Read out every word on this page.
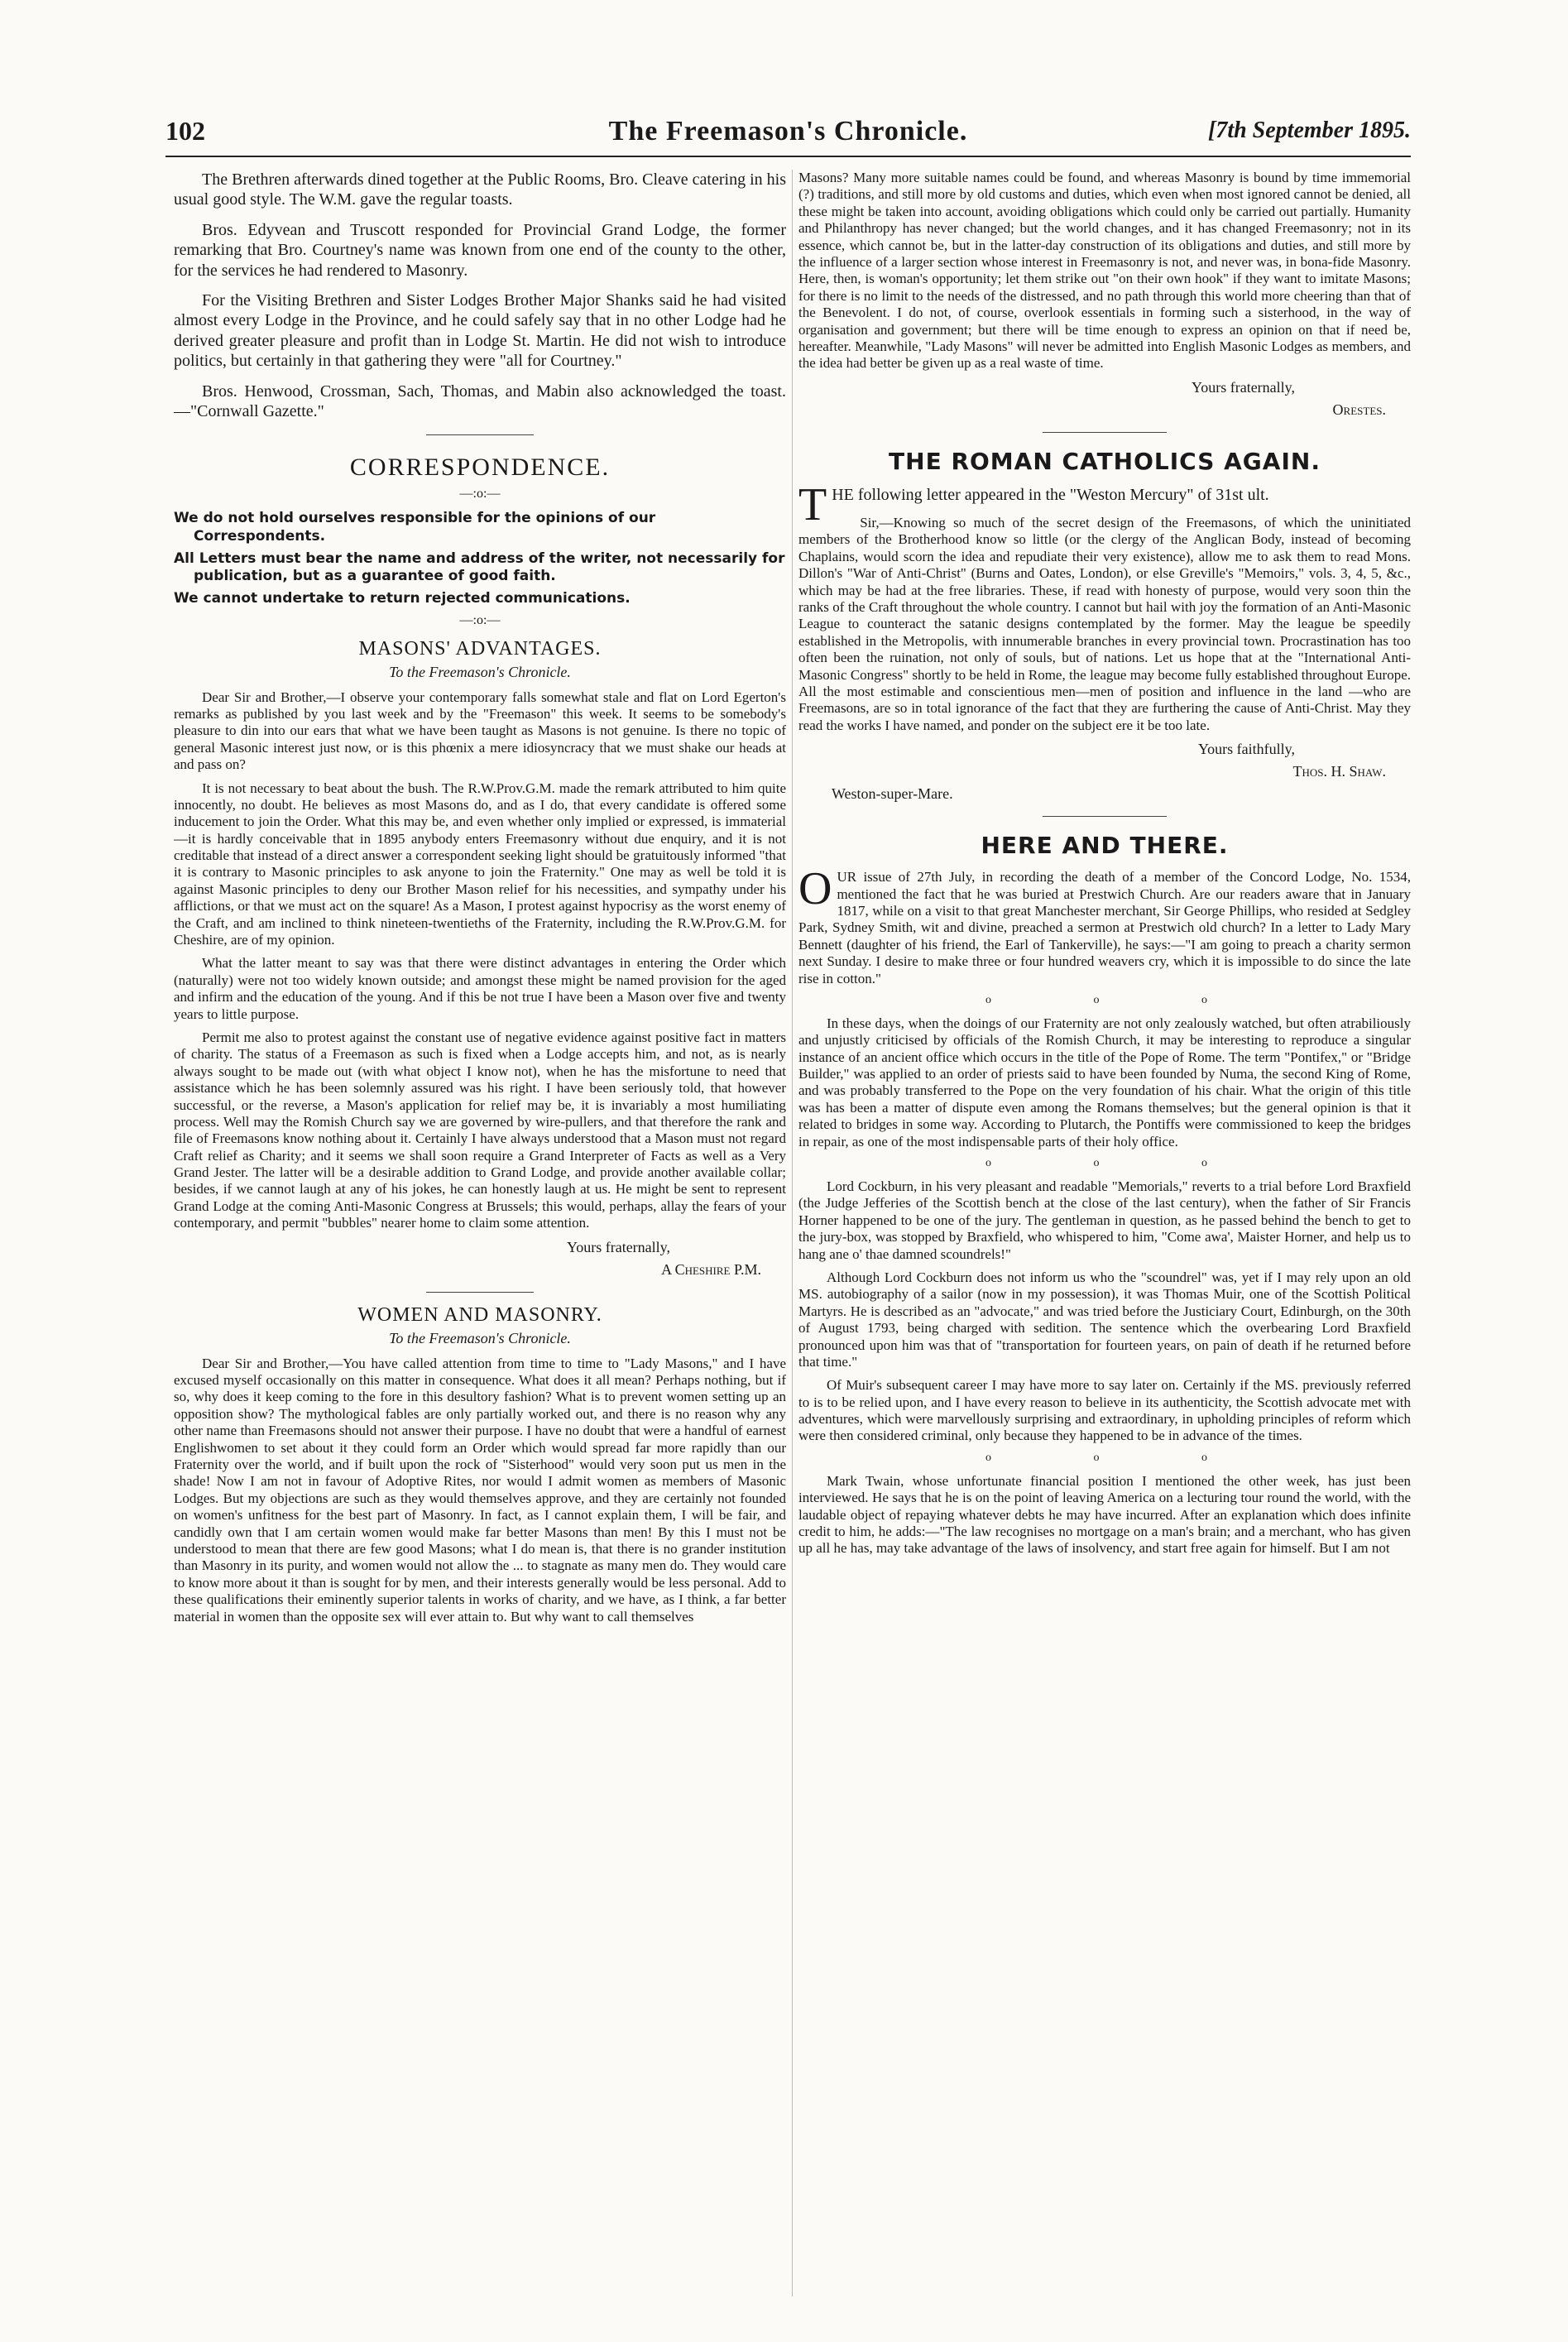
102	The Freemason's Chronicle.	[7th September 1895.

The Brethren afterwards dined together at the Public Rooms, Bro. Cleave catering in his usual good style. The W.M. gave the regular toasts.

Bros. Edyvean and Truscott responded for Provincial Grand Lodge, the former remarking that Bro. Courtney's name was known from one end of the county to the other, for the services he had rendered to Masonry.

For the Visiting Brethren and Sister Lodges Brother Major Shanks said he had visited almost every Lodge in the Province, and he could safely say that in no other Lodge had he derived greater pleasure and profit than in Lodge St. Martin. He did not wish to introduce politics, but certainly in that gathering they were "all for Courtney."

Bros. Henwood, Crossman, Sach, Thomas, and Mabin also acknowledged the toast.—"Cornwall Gazette."

CORRESPONDENCE.
—:o:—

We do not hold ourselves responsible for the opinions of our Correspondents.

All Letters must bear the name and address of the writer, not necessarily for publication, but as a guarantee of good faith.

We cannot undertake to return rejected communications.

—:o:—
MASONS' ADVANTAGES.
To the Freemason's Chronicle.

Dear Sir and Brother,—I observe your contemporary falls somewhat stale and flat on Lord Egerton's remarks as published by you last week and by the "Freemason" this week. It seems to be somebody's pleasure to din into our ears that what we have been taught as Masons is not genuine. Is there no topic of general Masonic interest just now, or is this phœnix a mere idiosyncracy that we must shake our heads at and pass on?

It is not necessary to beat about the bush. The R.W.Prov.G.M. made the remark attributed to him quite innocently, no doubt. He believes as most Masons do, and as I do, that every candidate is offered some inducement to join the Order. What this may be, and even whether only implied or expressed, is immaterial—it is hardly conceivable that in 1895 anybody enters Freemasonry without due enquiry, and it is not creditable that instead of a direct answer a correspondent seeking light should be gratuitously informed "that it is contrary to Masonic principles to ask anyone to join the Fraternity." One may as well be told it is against Masonic principles to deny our Brother Mason relief for his necessities, and sympathy under his afflictions, or that we must act on the square! As a Mason, I protest against hypocrisy as the worst enemy of the Craft, and am inclined to think nineteen-twentieths of the Fraternity, including the R.W.Prov.G.M. for Cheshire, are of my opinion.

What the latter meant to say was that there were distinct advantages in entering the Order which (naturally) were not too widely known outside; and amongst these might be named provision for the aged and infirm and the education of the young. And if this be not true I have been a Mason over five and twenty years to little purpose.

Permit me also to protest against the constant use of negative evidence against positive fact in matters of charity. The status of a Freemason as such is fixed when a Lodge accepts him, and not, as is nearly always sought to be made out (with what object I know not), when he has the misfortune to need that assistance which he has been solemnly assured was his right. I have been seriously told, that however successful, or the reverse, a Mason's application for relief may be, it is invariably a most humiliating process. Well may the Romish Church say we are governed by wire-pullers, and that therefore the rank and file of Freemasons know nothing about it. Certainly I have always understood that a Mason must not regard Craft relief as Charity; and it seems we shall soon require a Grand Interpreter of Facts as well as a Very Grand Jester. The latter will be a desirable addition to Grand Lodge, and provide another available collar; besides, if we cannot laugh at any of his jokes, he can honestly laugh at us. He might be sent to represent Grand Lodge at the coming Anti-Masonic Congress at Brussels; this would, perhaps, allay the fears of your contemporary, and permit "bubbles" nearer home to claim some attention.

Yours fraternally,
A Cheshire P.M.
WOMEN AND MASONRY.
To the Freemason's Chronicle.

Dear Sir and Brother,—You have called attention from time to time to "Lady Masons," and I have excused myself occasionally on this matter in consequence. What does it all mean? Perhaps nothing, but if so, why does it keep coming to the fore in this desultory fashion? What is to prevent women setting up an opposition show? The mythological fables are only partially worked out, and there is no reason why any other name than Freemasons should not answer their purpose. I have no doubt that were a handful of earnest Englishwomen to set about it they could form an Order which would spread far more rapidly than our Fraternity over the world, and if built upon the rock of "Sisterhood" would very soon put us men in the shade! Now I am not in favour of Adoptive Rites, nor would I admit women as members of Masonic Lodges. But my objections are such as they would themselves approve, and they are certainly not founded on women's unfitness for the best part of Masonry. In fact, as I cannot explain them, I will be fair, and candidly own that I am certain women would make far better Masons than men! By this I must not be understood to mean that there are few good Masons; what I do mean is, that there is no grander institution than Masonry in its purity, and women would not allow the ... to stagnate as many men do. They would care to know more about it than is sought for by men, and their interests generally would be less personal. Add to these qualifications their eminently superior talents in works of charity, and we have, as I think, a far better material in women than the opposite sex will ever attain to. But why want to call themselves

Masons? Many more suitable names could be found, and whereas Masonry is bound by time immemorial (?) traditions, and still more by old customs and duties, which even when most ignored cannot be denied, all these might be taken into account, avoiding obligations which could only be carried out partially. Humanity and Philanthropy has never changed; but the world changes, and it has changed Freemasonry; not in its essence, which cannot be, but in the latter-day construction of its obligations and duties, and still more by the influence of a larger section whose interest in Freemasonry is not, and never was, in bona-fide Masonry. Here, then, is woman's opportunity; let them strike out "on their own hook" if they want to imitate Masons; for there is no limit to the needs of the distressed, and no path through this world more cheering than that of the Benevolent. I do not, of course, overlook essentials in forming such a sisterhood, in the way of organisation and government; but there will be time enough to express an opinion on that if need be, hereafter. Meanwhile, "Lady Masons" will never be admitted into English Masonic Lodges as members, and the idea had better be given up as a real waste of time.

Yours fraternally,
Orestes.
THE ROMAN CATHOLICS AGAIN.

THE following letter appeared in the "Weston Mercury" of 31st ult.

Sir,—Knowing so much of the secret design of the Freemasons, of which the uninitiated members of the Brotherhood know so little (or the clergy of the Anglican Body, instead of becoming Chaplains, would scorn the idea and repudiate their very existence), allow me to ask them to read Mons. Dillon's "War of Anti-Christ" (Burns and Oates, London), or else Greville's "Memoirs," vols. 3, 4, 5, &c., which may be had at the free libraries. These, if read with honesty of purpose, would very soon thin the ranks of the Craft throughout the whole country. I cannot but hail with joy the formation of an Anti-Masonic League to counteract the satanic designs contemplated by the former. May the league be speedily established in the Metropolis, with innumerable branches in every provincial town. Procrastination has too often been the ruination, not only of souls, but of nations. Let us hope that at the "International Anti-Masonic Congress" shortly to be held in Rome, the league may become fully established throughout Europe. All the most estimable and conscientious men—men of position and influence in the land —who are Freemasons, are so in total ignorance of the fact that they are furthering the cause of Anti-Christ. May they read the works I have named, and ponder on the subject ere it be too late.

Yours faithfully,
Thos. H. Shaw.
Weston-super-Mare.
HERE AND THERE.

OUR issue of 27th July, in recording the death of a member of the Concord Lodge, No. 1534, mentioned the fact that he was buried at Prestwich Church. Are our readers aware that in January 1817, while on a visit to that great Manchester merchant, Sir George Phillips, who resided at Sedgley Park, Sydney Smith, wit and divine, preached a sermon at Prestwich old church? In a letter to Lady Mary Bennett (daughter of his friend, the Earl of Tankerville), he says:—"I am going to preach a charity sermon next Sunday. I desire to make three or four hundred weavers cry, which it is impossible to do since the late rise in cotton."

o o o

In these days, when the doings of our Fraternity are not only zealously watched, but often atrabiliously and unjustly criticised by officials of the Romish Church, it may be interesting to reproduce a singular instance of an ancient office which occurs in the title of the Pope of Rome. The term "Pontifex," or "Bridge Builder," was applied to an order of priests said to have been founded by Numa, the second King of Rome, and was probably transferred to the Pope on the very foundation of his chair. What the origin of this title was has been a matter of dispute even among the Romans themselves; but the general opinion is that it related to bridges in some way. According to Plutarch, the Pontiffs were commissioned to keep the bridges in repair, as one of the most indispensable parts of their holy office.

o o o

Lord Cockburn, in his very pleasant and readable "Memorials," reverts to a trial before Lord Braxfield (the Judge Jefferies of the Scottish bench at the close of the last century), when the father of Sir Francis Horner happened to be one of the jury. The gentleman in question, as he passed behind the bench to get to the jury-box, was stopped by Braxfield, who whispered to him, "Come awa', Maister Horner, and help us to hang ane o' thae damned scoundrels!"

Although Lord Cockburn does not inform us who the "scoundrel" was, yet if I may rely upon an old MS. autobiography of a sailor (now in my possession), it was Thomas Muir, one of the Scottish Political Martyrs. He is described as an "advocate," and was tried before the Justiciary Court, Edinburgh, on the 30th of August 1793, being charged with sedition. The sentence which the overbearing Lord Braxfield pronounced upon him was that of "transportation for fourteen years, on pain of death if he returned before that time."

Of Muir's subsequent career I may have more to say later on. Certainly if the MS. previously referred to is to be relied upon, and I have every reason to believe in its authenticity, the Scottish advocate met with adventures, which were marvellously surprising and extraordinary, in upholding principles of reform which were then considered criminal, only because they happened to be in advance of the times.

o o o

Mark Twain, whose unfortunate financial position I mentioned the other week, has just been interviewed. He says that he is on the point of leaving America on a lecturing tour round the world, with the laudable object of repaying whatever debts he may have incurred. After an explanation which does infinite credit to him, he adds:—"The law recognises no mortgage on a man's brain; and a merchant, who has given up all he has, may take advantage of the laws of insolvency, and start free again for himself. But I am not
